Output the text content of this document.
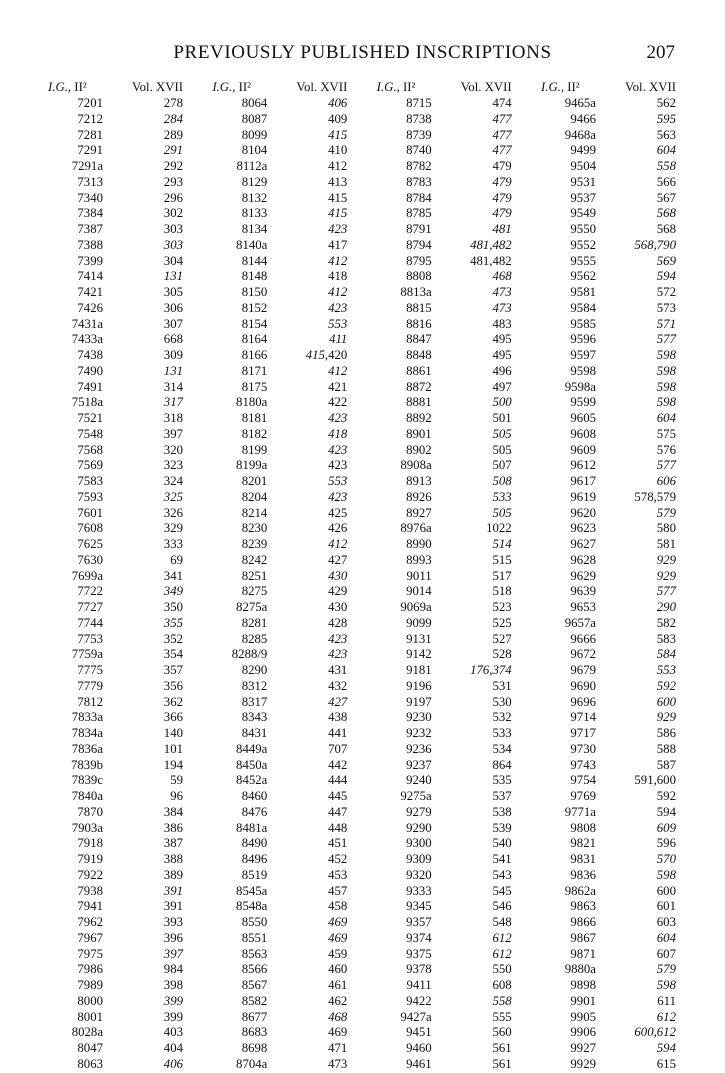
PREVIOUSLY PUBLISHED INSCRIPTIONS	207
I.G., II²	Vol. XVII
7201	278
7212	284
7281	289
7291	291
7291a	292
7313	293
7340	296
7384	302
7387	303
7388	303
7399	304
7414	131
7421	305
7426	306
7431a	307
7433a	668
7438	309
7490	131
7491	314
7518a	317
7521	318
7548	397
7568	320
7569	323
7583	324
7593	325
7601	326
7608	329
7625	333
7630	69
7699a	341
7722	349
7727	350
7744	355
7753	352
7759a	354
7775	357
7779	356
7812	362
7833a	366
7834a	140
7836a	101
7839b	194
7839c	59
7840a	96
7870	384
7903a	386
7918	387
7919	388
7922	389
7938	391
7941	391
7962	393
7967	396
7975	397
7986	984
7989	398
8000	399
8001	399
8028a	403
8047	404
8063	406
I.G., II²	Vol. XVII
8064	406
8087	409
8099	415
8104	410
8112a	412
8129	413
8132	415
8133	415
8134	423
8140a	417
8144	412
8148	418
8150	412
8152	423
8154	553
8164	411
8166	415,420
8171	412
8175	421
8180a	422
8181	423
8182	418
8199	423
8199a	423
8201	553
8204	423
8214	425
8230	426
8239	412
8242	427
8251	430
8275	429
8275a	430
8281	428
8285	423
8288/9	423
8290	431
8312	432
8317	427
8343	438
8431	441
8449a	707
8450a	442
8452a	444
8460	445
8476	447
8481a	448
8490	451
8496	452
8519	453
8545a	457
8548a	458
8550	469
8551	469
8563	459
8566	460
8567	461
8582	462
8677	468
8683	469
8698	471
8704a	473
I.G., II²	Vol. XVII
8715	474
8738	477
8739	477
8740	477
8782	479
8783	479
8784	479
8785	479
8791	481
8794	481,482
8795	481,482
8808	468
8813a	473
8815	473
8816	483
8847	495
8848	495
8861	496
8872	497
8881	500
8892	501
8901	505
8902	505
8908a	507
8913	508
8926	533
8927	505
8976a	1022
8990	514
8993	515
9011	517
9014	518
9069a	523
9099	525
9131	527
9142	528
9181	176,374
9196	531
9197	530
9230	532
9232	533
9236	534
9237	864
9240	535
9275a	537
9279	538
9290	539
9300	540
9309	541
9320	543
9333	545
9345	546
9357	548
9374	612
9375	612
9378	550
9411	608
9422	558
9427a	555
9451	560
9460	561
9461	561
I.G., II²	Vol. XVII
9465a	562
9466	595
9468a	563
9499	604
9504	558
9531	566
9537	567
9549	568
9550	568
9552	568,790
9555	569
9562	594
9581	572
9584	573
9585	571
9596	577
9597	598
9598	598
9598a	598
9599	598
9605	604
9608	575
9609	576
9612	577
9617	606
9619	578,579
9620	579
9623	580
9627	581
9628	929
9629	929
9639	577
9653	290
9657a	582
9666	583
9672	584
9679	553
9690	592
9696	600
9714	929
9717	586
9730	588
9743	587
9754	591,600
9769	592
9771a	594
9808	609
9821	596
9831	570
9836	598
9862a	600
9863	601
9866	603
9867	604
9871	607
9880a	579
9898	598
9901	611
9905	612
9906	600,612
9927	594
9929	615
